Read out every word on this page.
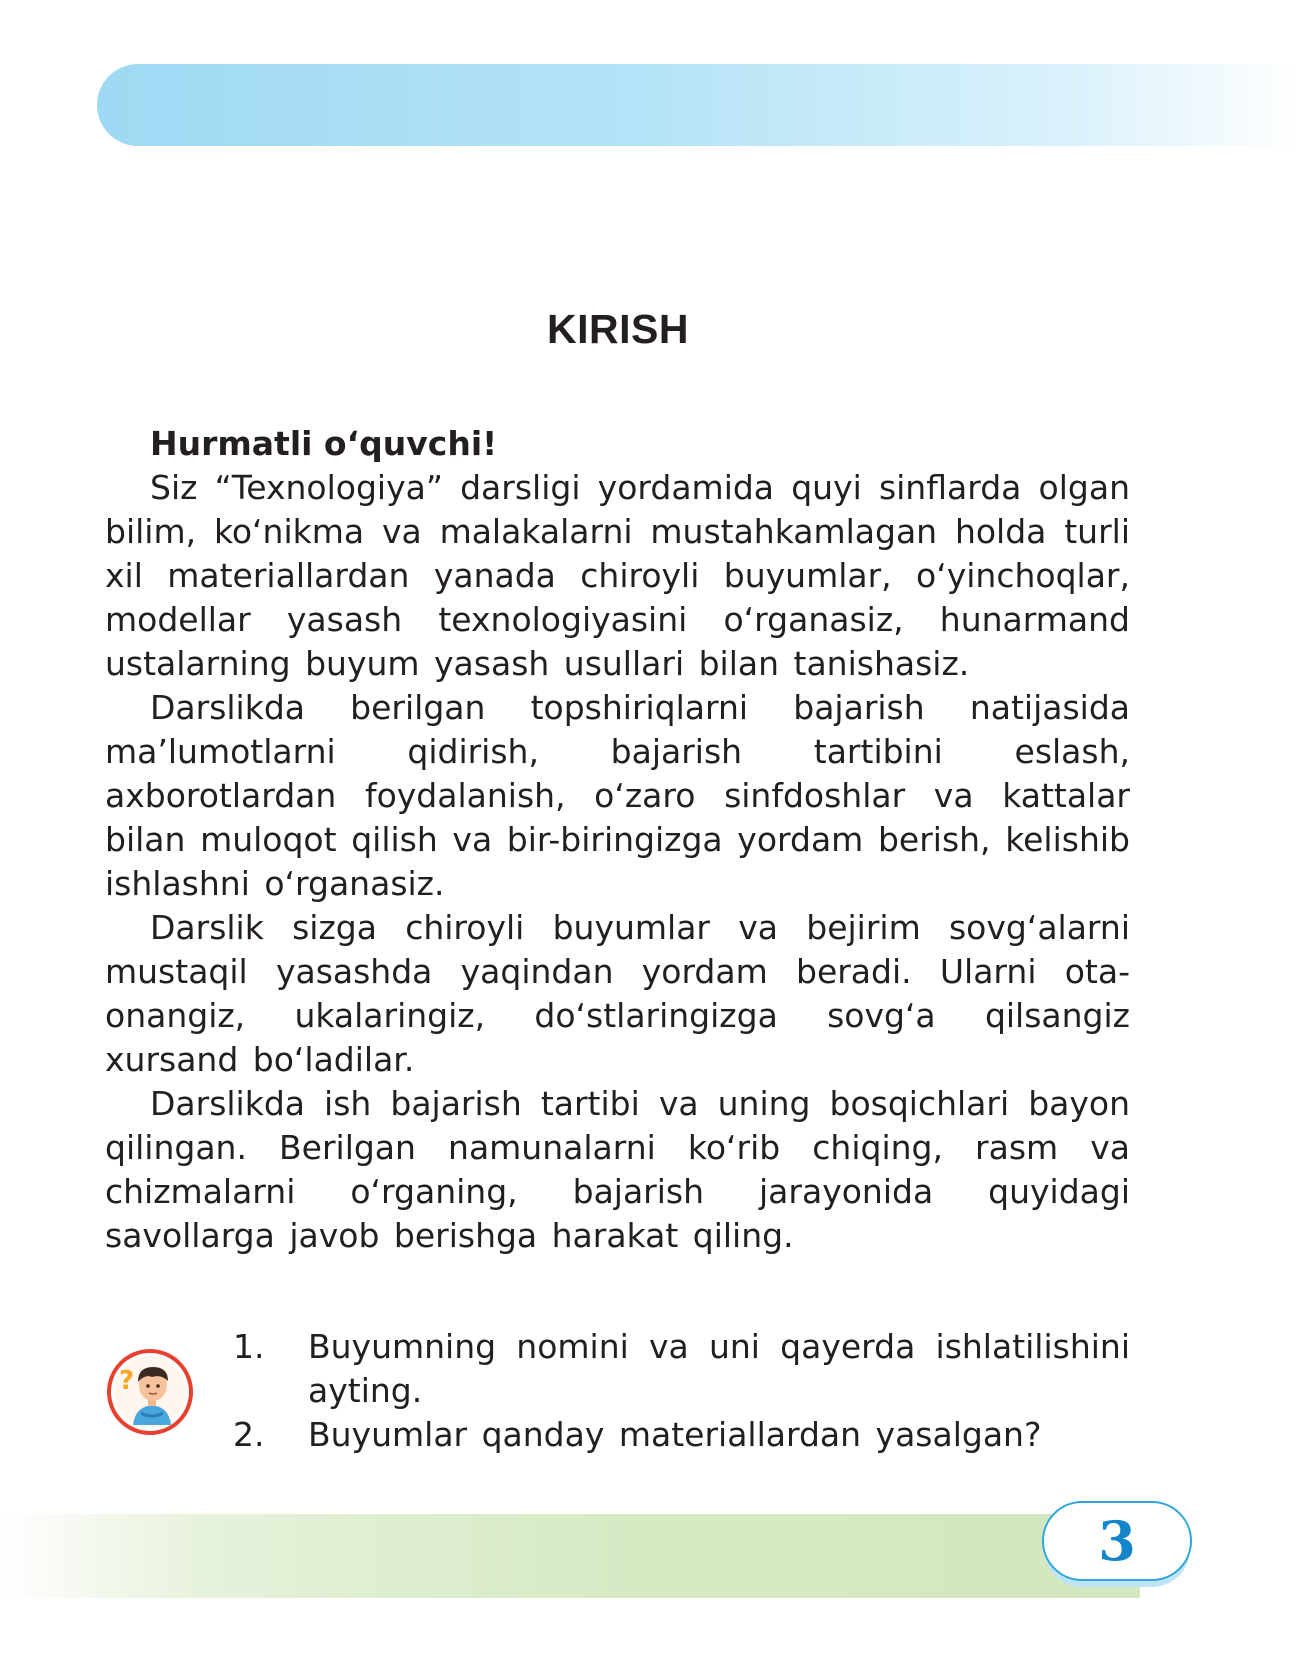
KIRISH
Hurmatli o‘quvchi!

Siz “Texnologiya” darsligi yordamida quyi sinflarda olgan bilim, ko‘nikma va malakalarni mustahkamlagan holda turli xil materiallardan yanada chiroyli buyumlar, o‘yinchoqlar, modellar yasash texnologiyasini o‘rganasiz, hunarmand ustalarning buyum yasash usullari bilan tanishasiz.

Darslikda berilgan topshiriqlarni bajarish natijasida ma’lumotlarni qidirish, bajarish tartibini eslash, axborotlardan foydalanish, o‘zaro sinfdoshlar va kattalar bilan muloqot qilish va bir-biringizga yordam berish, kelishib ishlashni o‘rganasiz.

Darslik sizga chiroyli buyumlar va bejirim sovg‘alarni mustaqil yasashda yaqindan yordam beradi. Ularni ota-onangiz, ukalaringiz, do‘stlaringizga sovg‘a qilsangiz xursand bo‘ladilar.

Darslikda ish bajarish tartibi va uning bosqichlari bayon qilingan. Berilgan namunalarni ko‘rib chiqing, rasm va chizmalarni o‘rganing, bajarish jarayonida quyidagi savollarga javob berishga harakat qiling.

?
1.	Buyumning nomini va uni qayerda ishlatilishini ayting.
2.	Buyumlar qanday materiallardan yasalgan?
3
